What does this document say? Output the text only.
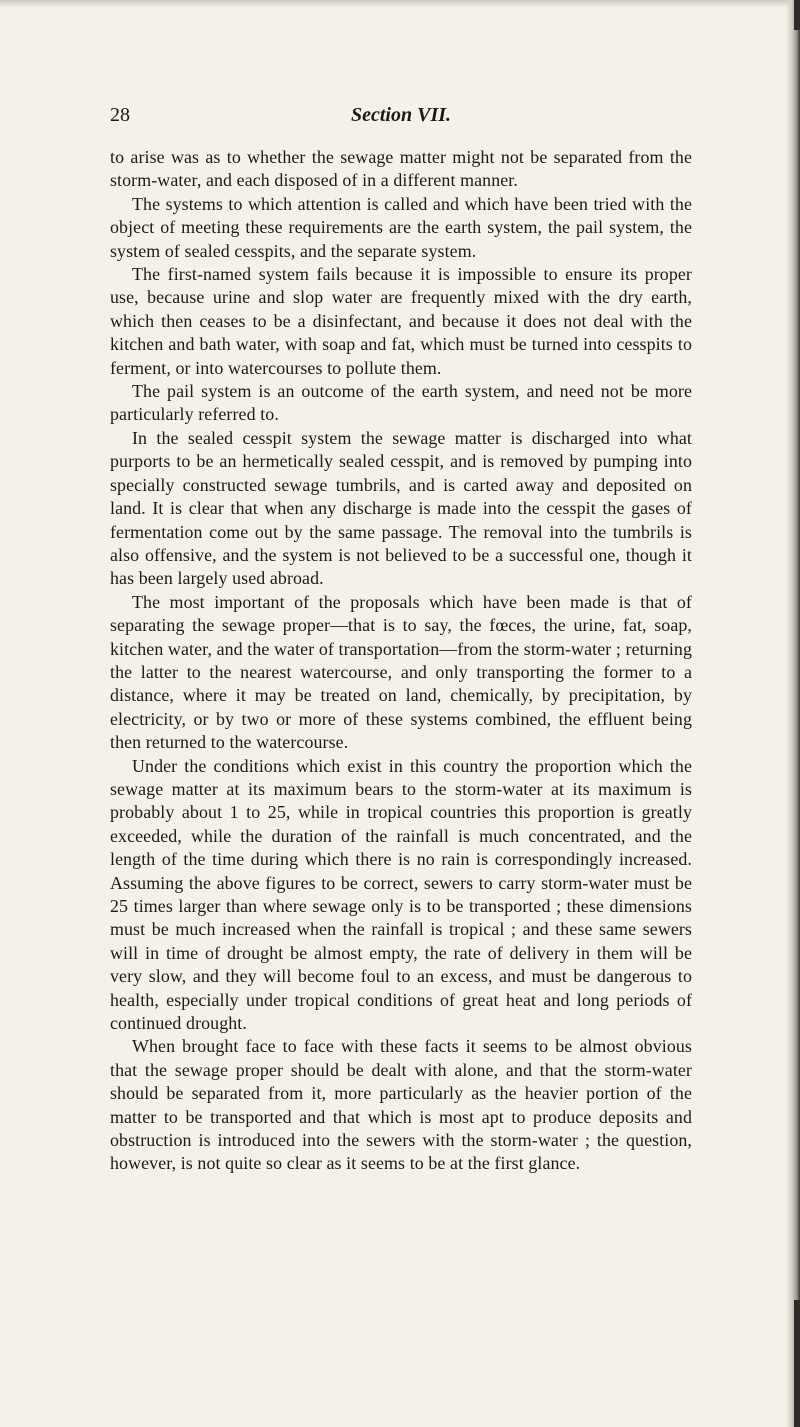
28	Section VII.

to arise was as to whether the sewage matter might not be separated from the storm-water, and each disposed of in a different manner.

The systems to which attention is called and which have been tried with the object of meeting these requirements are the earth system, the pail system, the system of sealed cesspits, and the separate system.

The first-named system fails because it is impossible to ensure its proper use, because urine and slop water are frequently mixed with the dry earth, which then ceases to be a disinfectant, and because it does not deal with the kitchen and bath water, with soap and fat, which must be turned into cesspits to ferment, or into watercourses to pollute them.

The pail system is an outcome of the earth system, and need not be more particularly referred to.

In the sealed cesspit system the sewage matter is discharged into what purports to be an hermetically sealed cesspit, and is removed by pumping into specially constructed sewage tumbrils, and is carted away and deposited on land. It is clear that when any discharge is made into the cesspit the gases of fermentation come out by the same passage. The removal into the tumbrils is also offensive, and the system is not believed to be a successful one, though it has been largely used abroad.

The most important of the proposals which have been made is that of separating the sewage proper—that is to say, the fœces, the urine, fat, soap, kitchen water, and the water of transportation—from the storm-water ; returning the latter to the nearest watercourse, and only transporting the former to a distance, where it may be treated on land, chemically, by precipitation, by electricity, or by two or more of these systems combined, the effluent being then returned to the watercourse.

Under the conditions which exist in this country the proportion which the sewage matter at its maximum bears to the storm-water at its maximum is probably about 1 to 25, while in tropical countries this proportion is greatly exceeded, while the duration of the rainfall is much concentrated, and the length of the time during which there is no rain is correspondingly increased. Assuming the above figures to be correct, sewers to carry storm-water must be 25 times larger than where sewage only is to be transported ; these dimensions must be much increased when the rainfall is tropical ; and these same sewers will in time of drought be almost empty, the rate of delivery in them will be very slow, and they will become foul to an excess, and must be dangerous to health, especially under tropical conditions of great heat and long periods of continued drought.

When brought face to face with these facts it seems to be almost obvious that the sewage proper should be dealt with alone, and that the storm-water should be separated from it, more particularly as the heavier portion of the matter to be transported and that which is most apt to produce deposits and obstruction is introduced into the sewers with the storm-water ; the question, however, is not quite so clear as it seems to be at the first glance.
